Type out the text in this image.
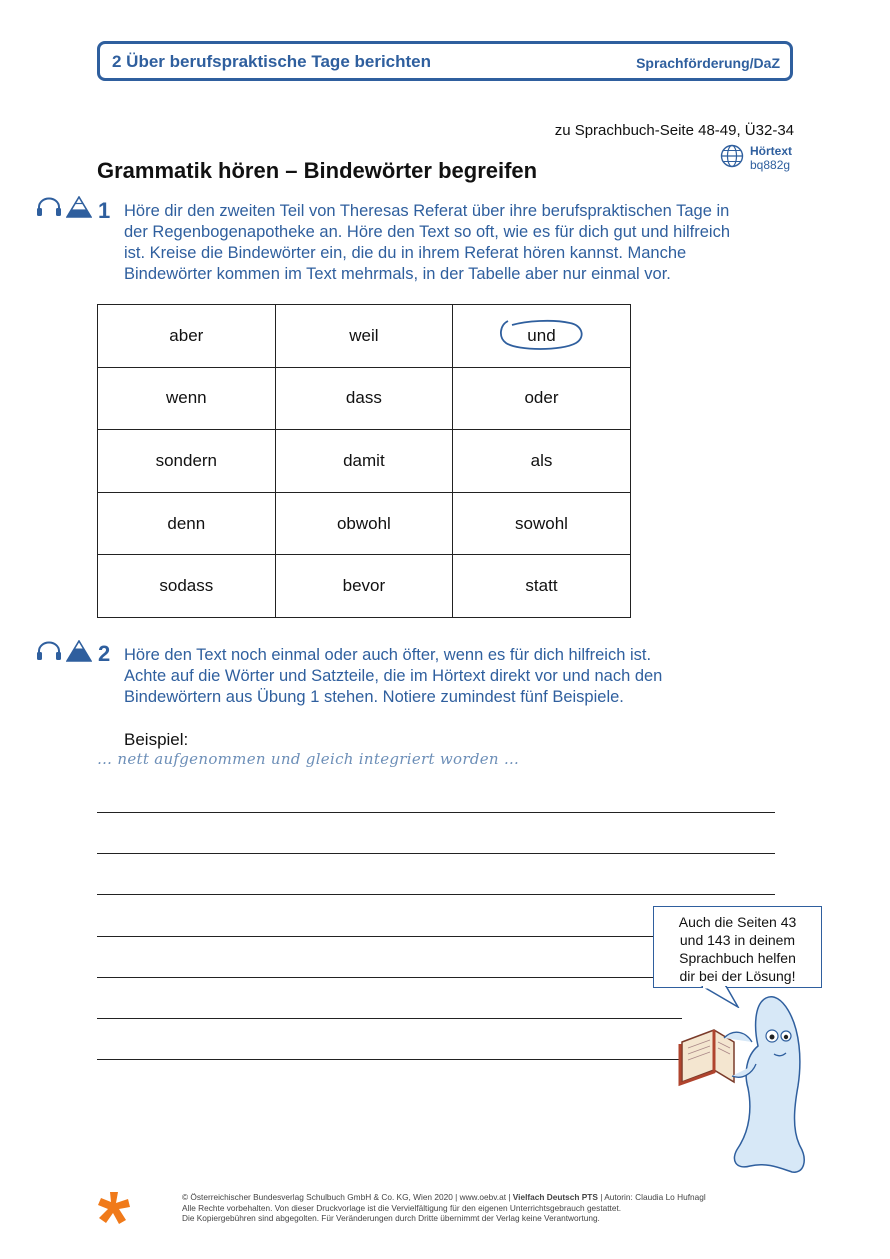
2 Über berufspraktische Tage berichten	Sprachförderung/DaZ
zu Sprachbuch-Seite 48-49, Ü32-34
Hörtext
bq882g
Grammatik hören – Bindewörter begreifen
1 Höre dir den zweiten Teil von Theresas Referat über ihre berufspraktischen Tage in
der Regenbogenapotheke an. Höre den Text so oft, wie es für dich gut und hilfreich
ist. Kreise die Bindewörter ein, die du in ihrem Referat hören kannst. Manche
Bindewörter kommen im Text mehrmals, in der Tabelle aber nur einmal vor.
aber	weil	und
wenn	dass	oder
sondern	damit	als
denn	obwohl	sowohl
sodass	bevor	statt
2 Höre den Text noch einmal oder auch öfter, wenn es für dich hilfreich ist.
Achte auf die Wörter und Satzteile, die im Hörtext direkt vor und nach den
Bindewörtern aus Übung 1 stehen. Notiere zumindest fünf Beispiele.
Beispiel:
… nett aufgenommen und gleich integriert worden …
Auch die Seiten 43
und 143 in deinem
Sprachbuch helfen
dir bei der Lösung!
© Österreichischer Bundesverlag Schulbuch GmbH & Co. KG, Wien 2020 | www.oebv.at | Vielfach Deutsch PTS | Autorin: Claudia Lo Hufnagl
Alle Rechte vorbehalten. Von dieser Druckvorlage ist die Vervielfältigung für den eigenen Unterrichtsgebrauch gestattet.
Die Kopiergebühren sind abgegolten. Für Veränderungen durch Dritte übernimmt der Verlag keine Verantwortung.
